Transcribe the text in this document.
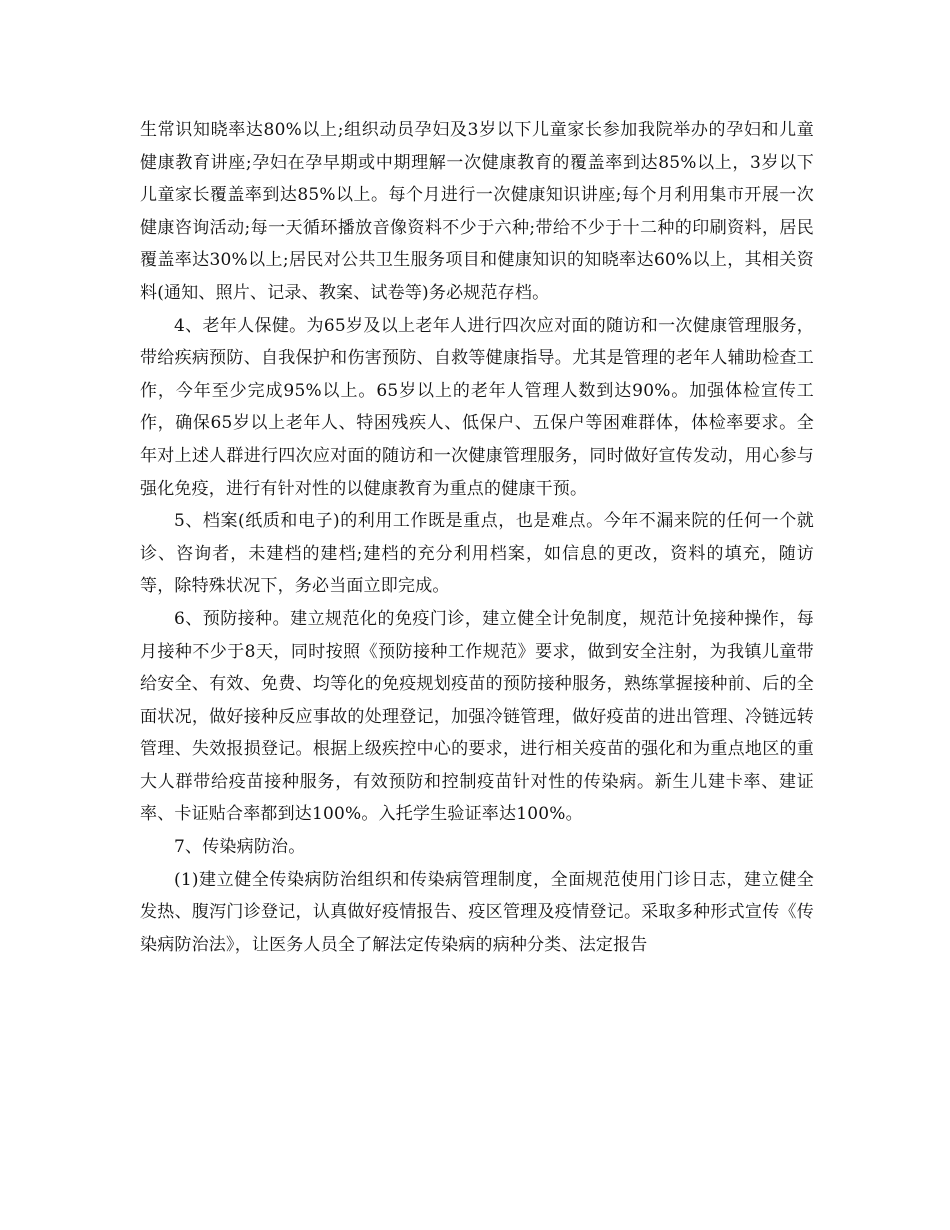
生常识知晓率达80%以上;组织动员孕妇及3岁以下儿童家长参加我院举办的孕妇和儿童健康教育讲座;孕妇在孕早期或中期理解一次健康教育的覆盖率到达85%以上，3岁以下儿童家长覆盖率到达85%以上。每个月进行一次健康知识讲座;每个月利用集市开展一次健康咨询活动;每一天循环播放音像资料不少于六种;带给不少于十二种的印刷资料，居民覆盖率达30%以上;居民对公共卫生服务项目和健康知识的知晓率达60%以上，其相关资料(通知、照片、记录、教案、试卷等)务必规范存档。

4、老年人保健。为65岁及以上老年人进行四次应对面的随访和一次健康管理服务，带给疾病预防、自我保护和伤害预防、自救等健康指导。尤其是管理的老年人辅助检查工作，今年至少完成95%以上。65岁以上的老年人管理人数到达90%。加强体检宣传工作，确保65岁以上老年人、特困残疾人、低保户、五保户等困难群体，体检率要求。全年对上述人群进行四次应对面的随访和一次健康管理服务，同时做好宣传发动，用心参与强化免疫，进行有针对性的以健康教育为重点的健康干预。

5、档案(纸质和电子)的利用工作既是重点，也是难点。今年不漏来院的任何一个就诊、咨询者，未建档的建档;建档的充分利用档案，如信息的更改，资料的填充，随访等，除特殊状况下，务必当面立即完成。

6、预防接种。建立规范化的免疫门诊，建立健全计免制度，规范计免接种操作，每月接种不少于8天，同时按照《预防接种工作规范》要求，做到安全注射，为我镇儿童带给安全、有效、免费、均等化的免疫规划疫苗的预防接种服务，熟练掌握接种前、后的全面状况，做好接种反应事故的处理登记，加强冷链管理，做好疫苗的进出管理、冷链远转管理、失效报损登记。根据上级疾控中心的要求，进行相关疫苗的强化和为重点地区的重大人群带给疫苗接种服务，有效预防和控制疫苗针对性的传染病。新生儿建卡率、建证率、卡证贴合率都到达100%。入托学生验证率达100%。

7、传染病防治。

(1)建立健全传染病防治组织和传染病管理制度，全面规范使用门诊日志，建立健全发热、腹泻门诊登记，认真做好疫情报告、疫区管理及疫情登记。采取多种形式宣传《传染病防治法》，让医务人员全了解法定传染病的病种分类、法定报告
